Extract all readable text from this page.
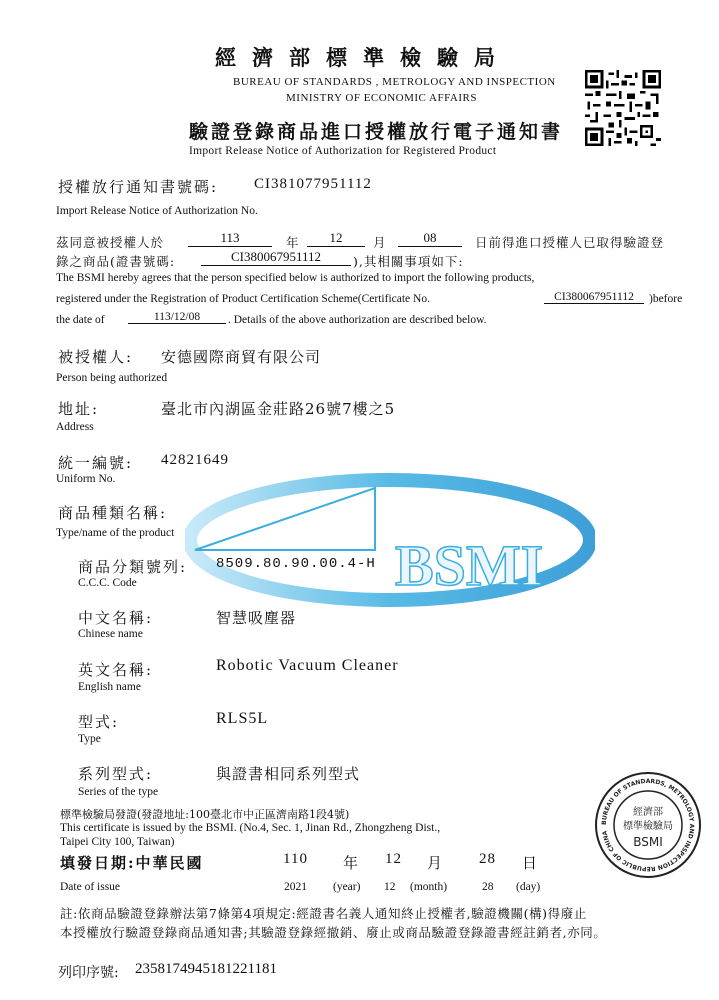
BSMI
經濟部標準檢驗局
BUREAU OF STANDARDS , METROLOGY AND INSPECTION
MINISTRY OF ECONOMIC AFFAIRS
驗證登錄商品進口授權放行電子通知書
Import Release Notice of Authorization for Registered Product
授權放行通知書號碼: CI381077951112
Import Release Notice of Authorization No.
茲同意被授權人於	113	年	12	月	08	日前得進口授權人已取得驗證登
錄之商品(證書號碼:	CI380067951112	),其相關事項如下:
The BSMI hereby agrees that the person specified below is authorized to import the following products,
registered under the Registration of Product Certification Scheme(Certificate No.	CI380067951112	)before
the date of	113/12/08	. Details of the above authorization are described below.
被授權人: 安德國際商貿有限公司
Person being authorized
地址:	臺北市內湖區金莊路26號7樓之5
Address
統一編號: 42821649
Uniform No.
商品種類名稱:
Type/name of the product
商品分類號列: 8509.80.90.00.4-H
C.C.C. Code
中文名稱:	智慧吸塵器
Chinese name
英文名稱:	Robotic Vacuum Cleaner
English name
型式:	RLS5L
Type
系列型式:	與證書相同系列型式
Series of the type
標準檢驗局發證(發證地址:100臺北市中正區濟南路1段4號)
This certificate is issued by the BSMI. (No.4, Sec. 1, Jinan Rd., Zhongzheng Dist.,
Taipei City 100, Taiwan)
填發日期:中華民國	110 年 12 月 28 日
Date of issue	2021 (year) 12 (month)	28 (day)
註:依商品驗證登錄辦法第7條第4項規定:經證書名義人通知終止授權者,驗證機關(構)得廢止
本授權放行驗證登錄商品通知書;其驗證登錄經撤銷、廢止或商品驗證登錄證書經註銷者,亦同。
列印序號: 2358174945181221181
BUREAU OF STANDARDS, METROLOGY AND INSPECTION REPUBLIC OF CHINA
經濟部
標準檢驗局
BSMI
